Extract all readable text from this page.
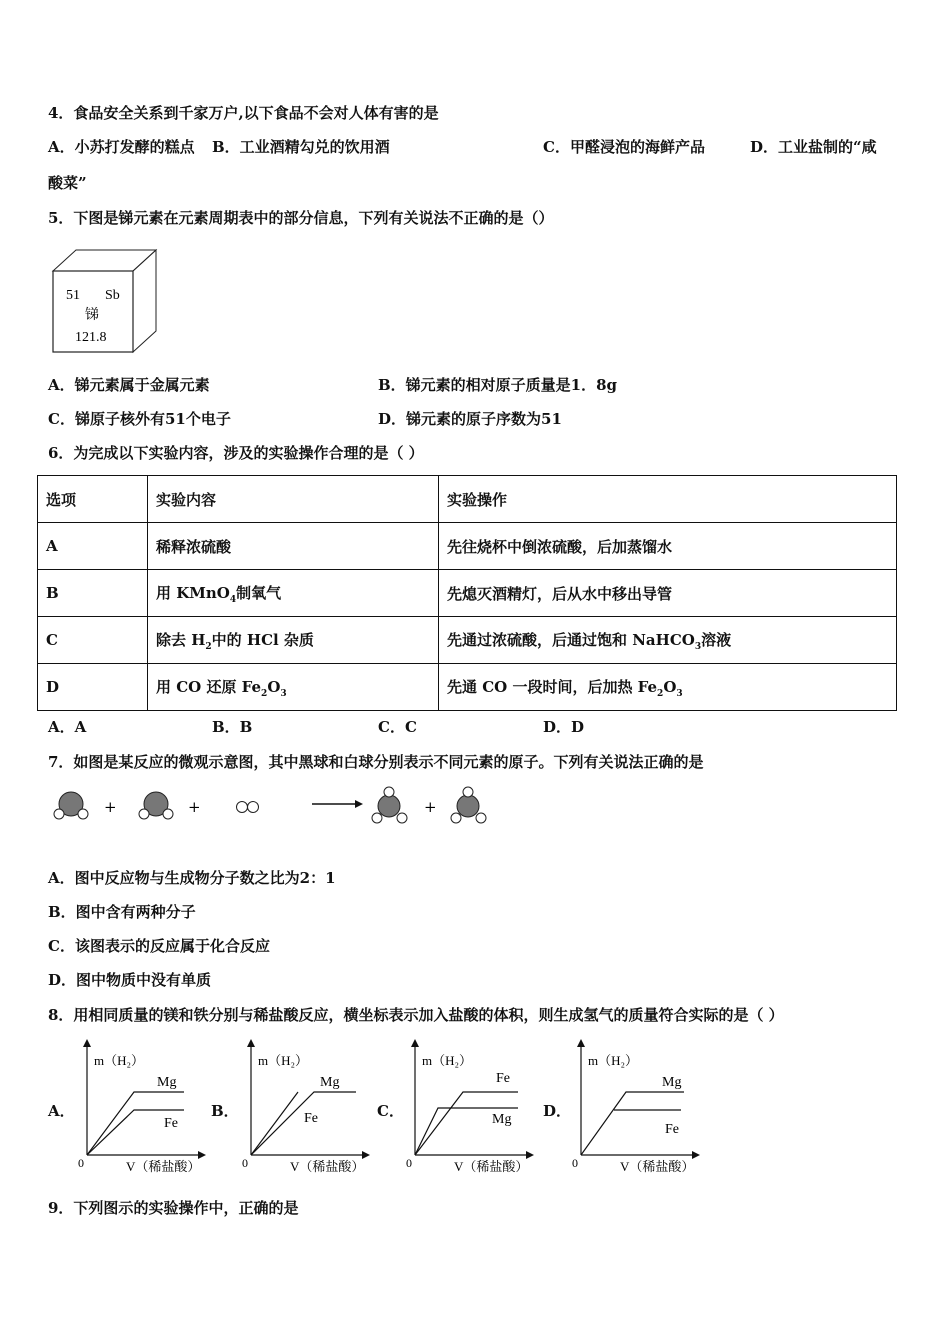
4．食品安全关系到千家万户,以下食品不会对人体有害的是
A．小苏打发酵的糕点 B．工业酒精勾兑的饮用酒	C．甲醛浸泡的海鲜产品	D．工业盐制的“咸
酸菜”
5．下图是锑元素在元素周期表中的部分信息，下列有关说法不正确的是（）
51 Sb
锑
121.8
A．锑元素属于金属元素	B．锑元素的相对原子质量是1．8g
C．锑原子核外有51个电子	D．锑元素的原子序数为51
6．为完成以下实验内容，涉及的实验操作合理的是（ ）
选项	实验内容	实验操作
A	稀释浓硫酸	先往烧杯中倒浓硫酸，后加蒸馏水
B	用 KMnO$_4$制氧气	先熄灭酒精灯，后从水中移出导管
C	除去 $H_2$中的 HCl 杂质	先通过浓硫酸，后通过饱和 NaHCO$_3$溶液
D	用 CO 还原 $Fe_2O_3$	先通 CO 一段时间，后加热 $Fe_2O_3$
A．A	B．B	C．C	D．D
7．如图是某反应的微观示意图，其中黑球和白球分别表示不同元素的原子。下列有关说法正确的是
+	+	+
A．图中反应物与生成物分子数之比为2：1
B．图中含有两种分子
C．该图表示的反应属于化合反应
D．图中物质中没有单质
8．用相同质量的镁和铁分别与稀盐酸反应，横坐标表示加入盐酸的体积，则生成氢气的质量符合实际的是（ ）
A．
m（H₂）
V（稀盐酸）
0
Mg
Fe
B．
m（H₂）
V（稀盐酸）
0
Mg
Fe	C．
m（H₂）
V（稀盐酸）
0
Fe
Mg D．
m（H₂）
V（稀盐酸）
0
Mg
Fe
9．下列图示的实验操作中，正确的是
